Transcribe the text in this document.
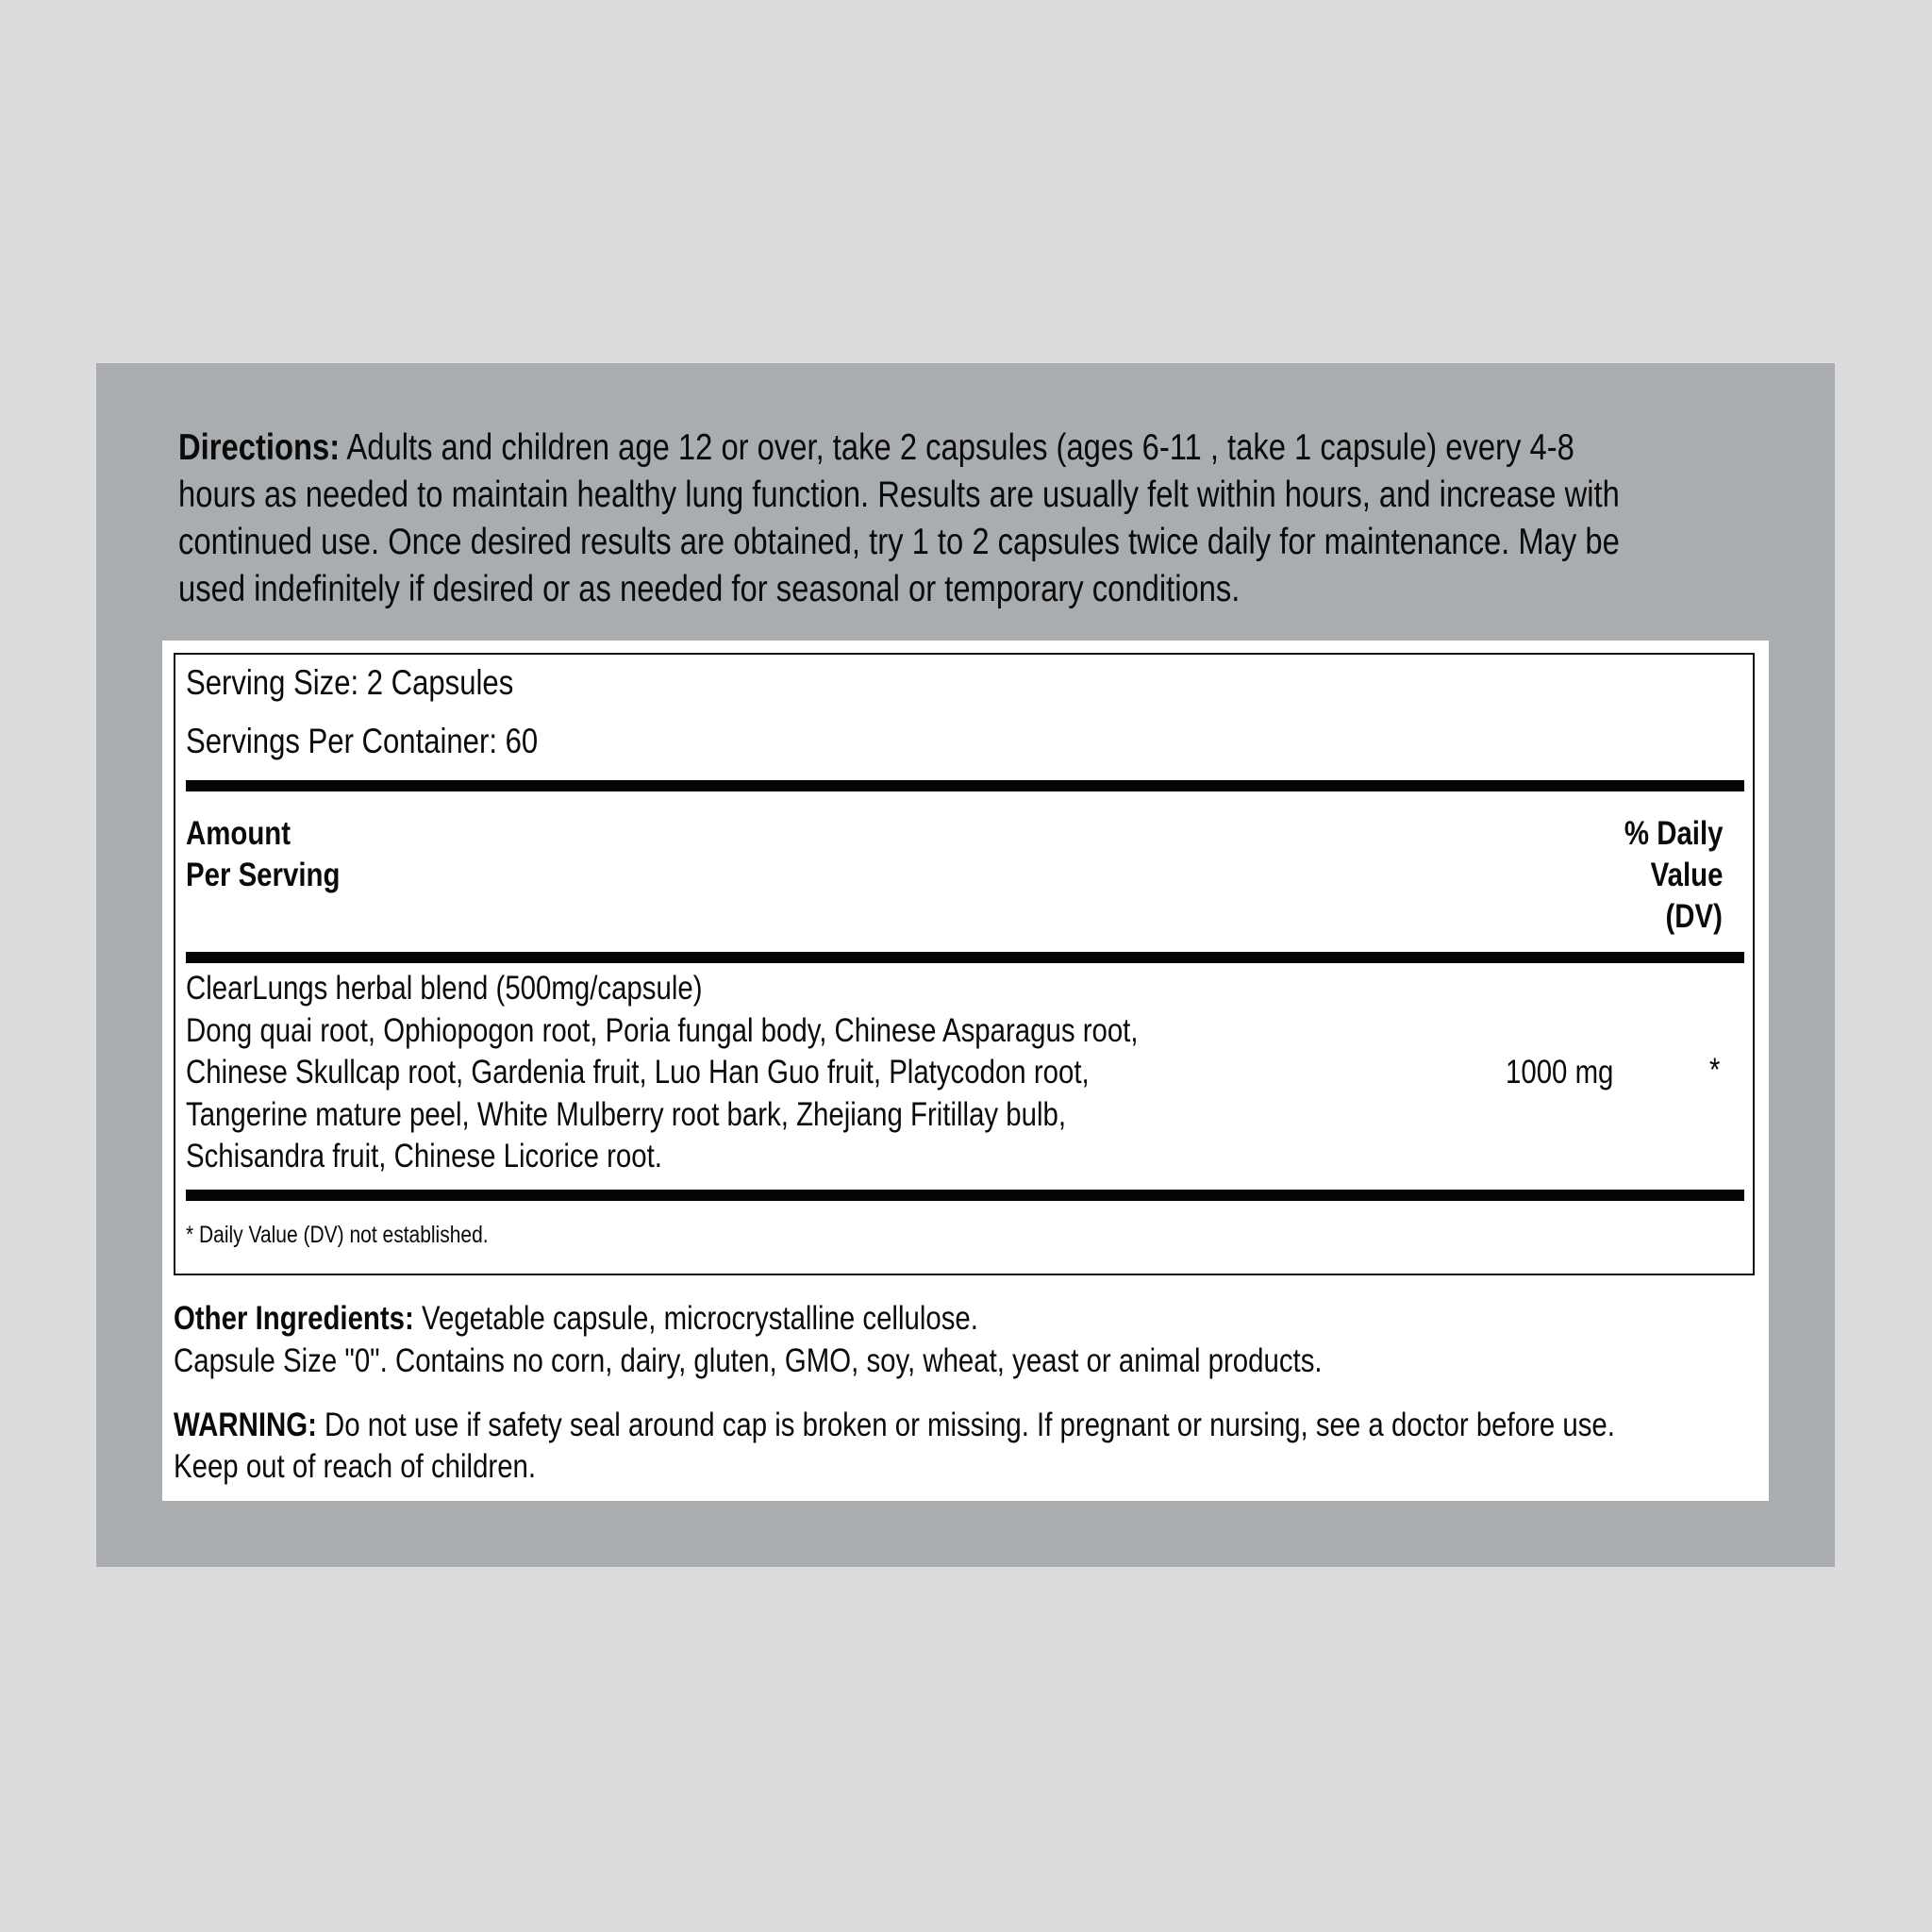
Directions: Adults and children age 12 or over, take 2 capsules (ages 6-11 , take 1 capsule) every 4-8
hours as needed to maintain healthy lung function. Results are usually felt within hours, and increase with
continued use. Once desired results are obtained, try 1 to 2 capsules twice daily for maintenance. May be
used indefinitely if desired or as needed for seasonal or temporary conditions.
Serving Size: 2 Capsules
Servings Per Container: 60
Amount
Per Serving
% Daily
Value
(DV)
ClearLungs herbal blend (500mg/capsule)
Dong quai root, Ophiopogon root, Poria fungal body, Chinese Asparagus root,
Chinese Skullcap root, Gardenia fruit, Luo Han Guo fruit, Platycodon root,
Tangerine mature peel, White Mulberry root bark, Zhejiang Fritillay bulb,
Schisandra fruit, Chinese Licorice root.
1000 mg	*
* Daily Value (DV) not established.
Other Ingredients: Vegetable capsule, microcrystalline cellulose.
Capsule Size "0". Contains no corn, dairy, gluten, GMO, soy, wheat, yeast or animal products.
WARNING: Do not use if safety seal around cap is broken or missing. If pregnant or nursing, see a doctor before use.
Keep out of reach of children.
